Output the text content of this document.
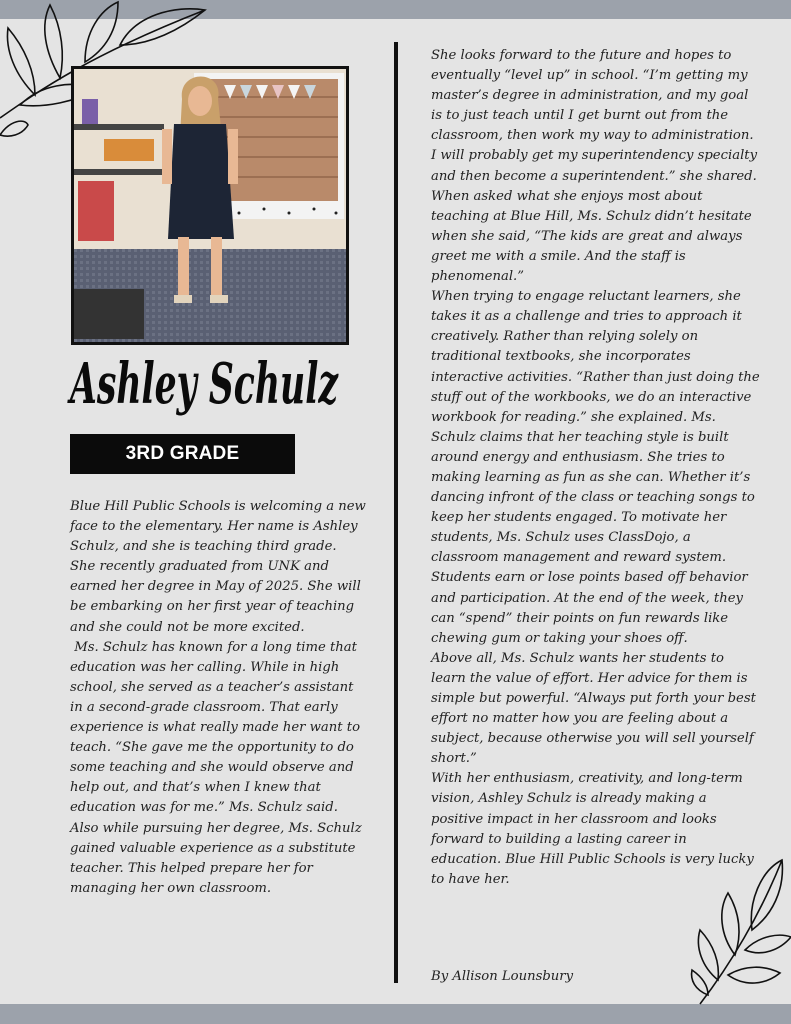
Ashley Schulz
3RD GRADE

Blue Hill Public Schools is welcoming a new face to the elementary. Her name is Ashley Schulz, and she is teaching third grade. She recently graduated from UNK and earned her degree in May of 2025. She will be embarking on her first year of teaching and she could not be more excited.

Ms. Schulz has known for a long time that education was her calling. While in high school, she served as a teacher’s assistant in a second-grade classroom. That early experience is what really made her want to teach. “She gave me the opportunity to do some teaching and she would observe and help out, and that’s when I knew that education was for me.” Ms. Schulz said.

Also while pursuing her degree, Ms. Schulz gained valuable experience as a substitute teacher. This helped prepare her for managing her own classroom.

She looks forward to the future and hopes to eventually “level up” in school. “I’m getting my master’s degree in administration, and my goal is to just teach until I get burnt out from the classroom, then work my way to administration. I will probably get my superintendency specialty and then become a superintendent.” she shared.

When asked what she enjoys most about teaching at Blue Hill, Ms. Schulz didn’t hesitate when she said, “The kids are great and always greet me with a smile. And the staff is phenomenal.”

When trying to engage reluctant learners, she takes it as a challenge and tries to approach it creatively. Rather than relying solely on traditional textbooks, she incorporates interactive activities. “Rather than just doing the stuff out of the workbooks, we do an interactive workbook for reading.” she explained. Ms. Schulz claims that her teaching style is built around energy and enthusiasm. She tries to making learning as fun as she can. Whether it’s dancing infront of the class or teaching songs to keep her students engaged. To motivate her students, Ms. Schulz uses ClassDojo, a classroom management and reward system. Students earn or lose points based off behavior and participation. At the end of the week, they can “spend” their points on fun rewards like chewing gum or taking your shoes off.

Above all, Ms. Schulz wants her students to learn the value of effort. Her advice for them is simple but powerful. “Always put forth your best effort no matter how you are feeling about a subject, because otherwise you will sell yourself short.”

With her enthusiasm, creativity, and long-term vision, Ashley Schulz is already making a positive impact in her classroom and looks forward to building a lasting career in education. Blue Hill Public Schools is very lucky to have her.

By Allison Lounsbury
